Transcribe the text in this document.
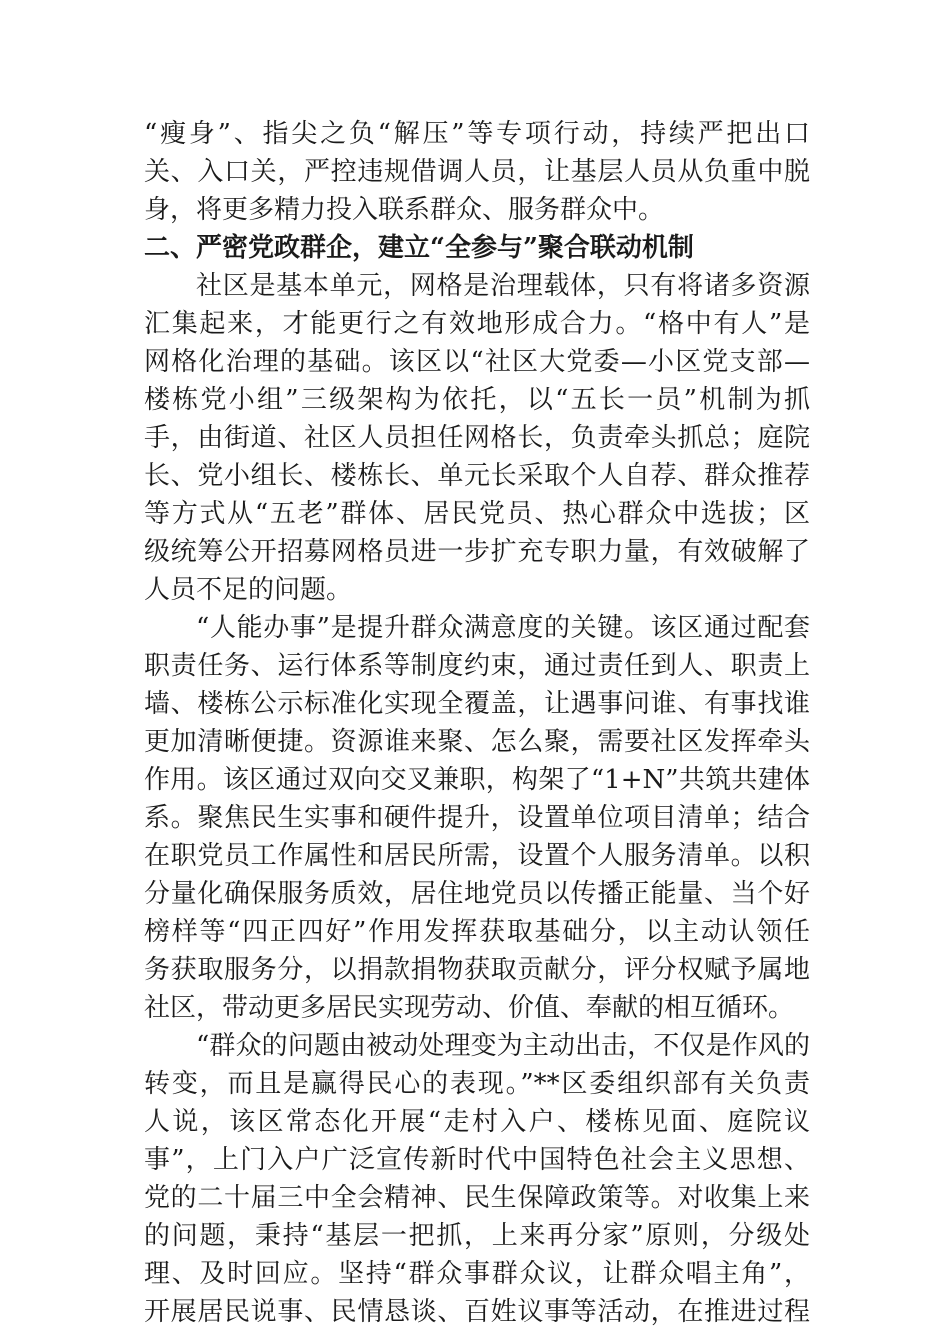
“瘦身”、指尖之负“解压”等专项行动，持续严把出口
关、入口关，严控违规借调人员，让基层人员从负重中脱
身，将更多精力投入联系群众、服务群众中。
二、严密党政群企，建立“全参与”聚合联动机制
社区是基本单元，网格是治理载体，只有将诸多资源
汇集起来，才能更行之有效地形成合力。“格中有人”是
网格化治理的基础。该区以“社区大党委—小区党支部—
楼栋党小组”三级架构为依托，以“五长一员”机制为抓
手，由街道、社区人员担任网格长，负责牵头抓总；庭院
长、党小组长、楼栋长、单元长采取个人自荐、群众推荐
等方式从“五老”群体、居民党员、热心群众中选拔；区
级统筹公开招募网格员进一步扩充专职力量，有效破解了
人员不足的问题。
“人能办事”是提升群众满意度的关键。该区通过配套
职责任务、运行体系等制度约束，通过责任到人、职责上
墙、楼栋公示标准化实现全覆盖，让遇事问谁、有事找谁
更加清晰便捷。资源谁来聚、怎么聚，需要社区发挥牵头
作用。该区通过双向交叉兼职，构架了“1+N”共筑共建体
系。聚焦民生实事和硬件提升，设置单位项目清单；结合
在职党员工作属性和居民所需，设置个人服务清单。以积
分量化确保服务质效，居住地党员以传播正能量、当个好
榜样等“四正四好”作用发挥获取基础分，以主动认领任
务获取服务分，以捐款捐物获取贡献分，评分权赋予属地
社区，带动更多居民实现劳动、价值、奉献的相互循环。
“群众的问题由被动处理变为主动出击，不仅是作风的
转变，而且是赢得民心的表现。”**区委组织部有关负责
人说，该区常态化开展“走村入户、楼栋见面、庭院议
事”，上门入户广泛宣传新时代中国特色社会主义思想、
党的二十届三中全会精神、民生保障政策等。对收集上来
的问题，秉持“基层一把抓，上来再分家”原则，分级处
理、及时回应。坚持“群众事群众议，让群众唱主角”，
开展居民说事、民情恳谈、百姓议事等活动，在推进过程
